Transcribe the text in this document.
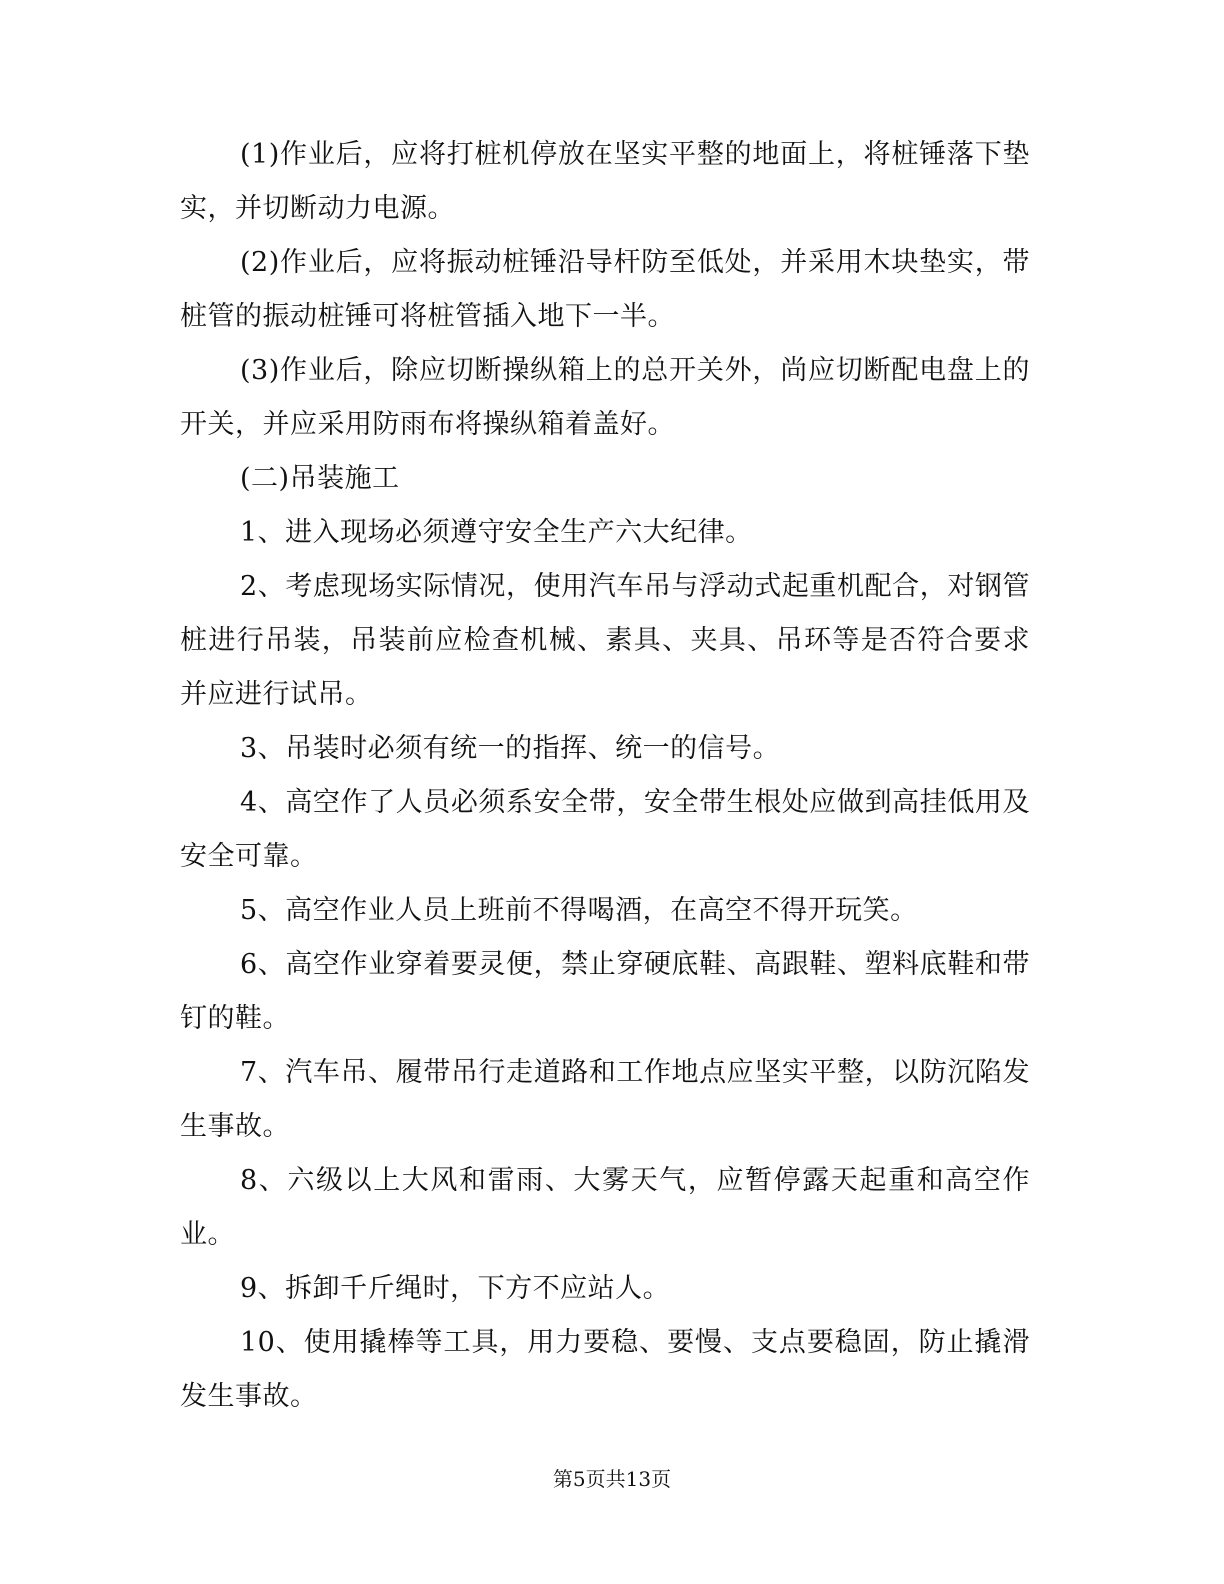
(1)作业后，应将打桩机停放在坚实平整的地面上，将桩锤落下垫实，并切断动力电源。

(2)作业后，应将振动桩锤沿导杆防至低处，并采用木块垫实，带桩管的振动桩锤可将桩管插入地下一半。

(3)作业后，除应切断操纵箱上的总开关外，尚应切断配电盘上的开关，并应采用防雨布将操纵箱着盖好。

(二)吊装施工

1、进入现场必须遵守安全生产六大纪律。

2、考虑现场实际情况，使用汽车吊与浮动式起重机配合，对钢管桩进行吊装，吊装前应检查机械、素具、夹具、吊环等是否符合要求并应进行试吊。

3、吊装时必须有统一的指挥、统一的信号。

4、高空作了人员必须系安全带，安全带生根处应做到高挂低用及安全可靠。

5、高空作业人员上班前不得喝酒，在高空不得开玩笑。

6、高空作业穿着要灵便，禁止穿硬底鞋、高跟鞋、塑料底鞋和带钉的鞋。

7、汽车吊、履带吊行走道路和工作地点应坚实平整，以防沉陷发生事故。

8、六级以上大风和雷雨、大雾天气，应暂停露天起重和高空作业。

9、拆卸千斤绳时，下方不应站人。

10、使用撬棒等工具，用力要稳、要慢、支点要稳固，防止撬滑发生事故。

第5页共13页
